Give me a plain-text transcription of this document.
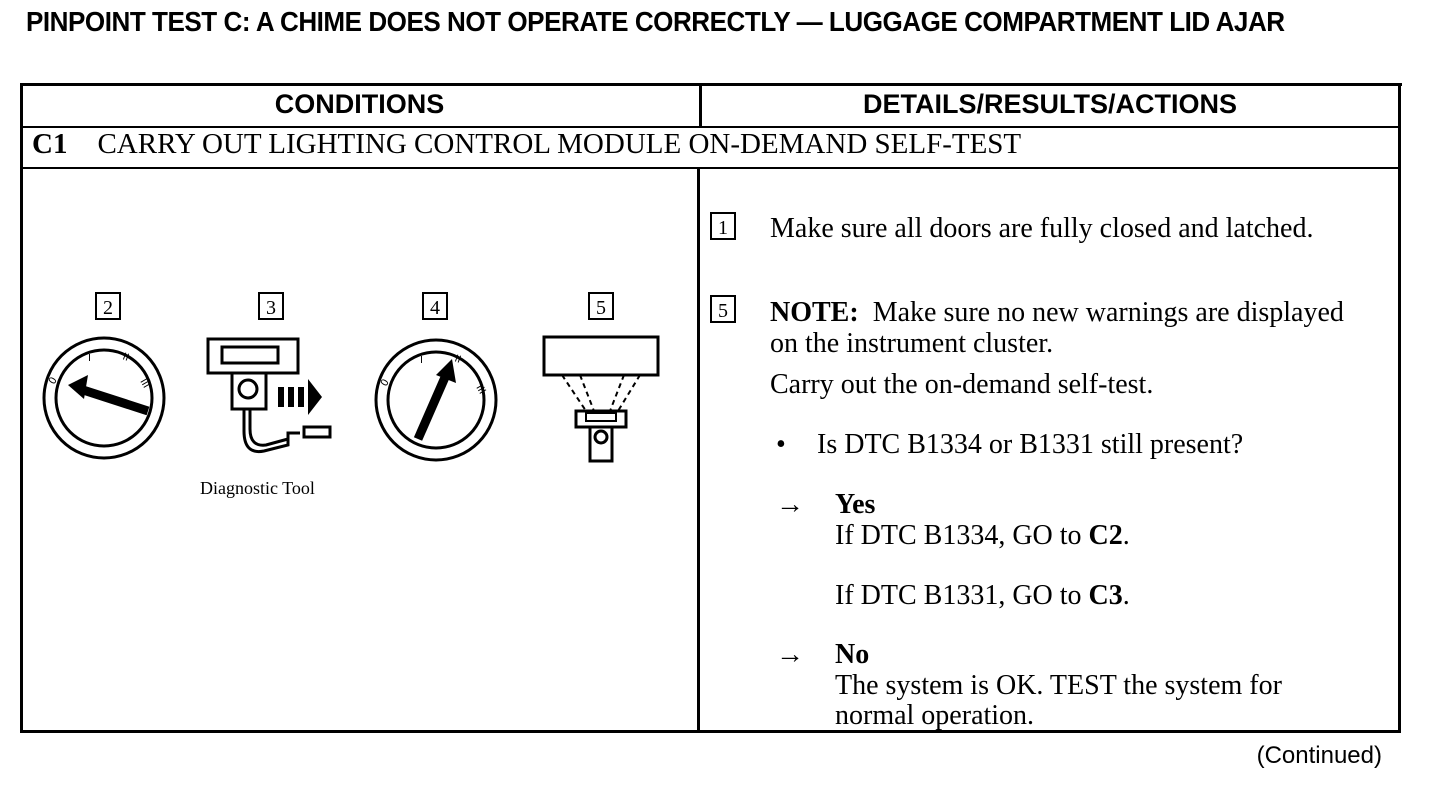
PINPOINT TEST C: A CHIME DOES NOT OPERATE CORRECTLY — LUGGAGE COMPARTMENT LID AJAR
CONDITIONS	DETAILS/RESULTS/ACTIONS
C1 CARRY OUT LIGHTING CONTROL MODULE ON-DEMAND SELF-TEST
2	3	4	5
0
I	II
III
Diagnostic Tool
0
I	II
III
1 Make sure all doors are fully closed and latched.
5 NOTE: Make sure no new warnings are displayed
on the instrument cluster.
Carry out the on-demand self-test.
• Is DTC B1334 or B1331 still present?
→ Yes
If DTC B1334, GO to C2.
If DTC B1331, GO to C3.
→ No
The system is OK. TEST the system for
normal operation.
(Continued)
